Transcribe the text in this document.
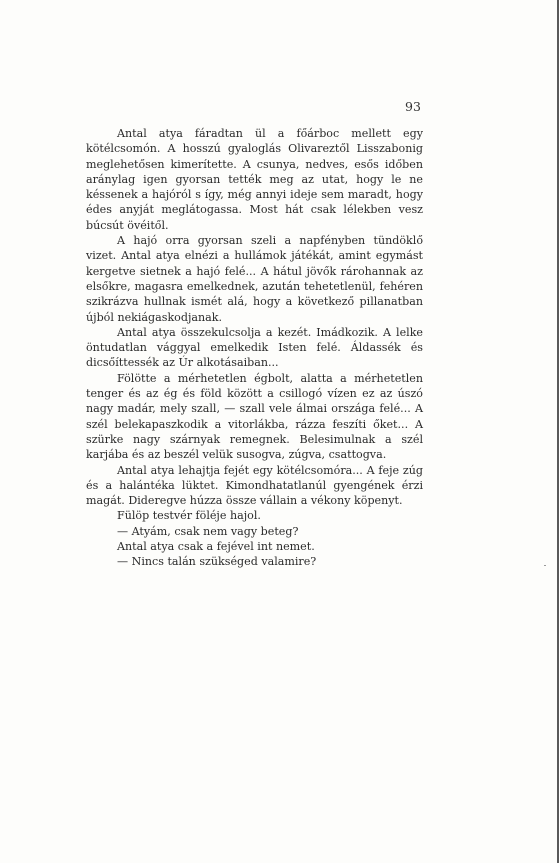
93

Antal atya fáradtan ül a főárboc mellett egy kötélcsomón. A hosszú gyaloglás Olivareztől Lisszabonig meglehetősen kimerítette. A csunya, nedves, esős időben aránylag igen gyorsan tették meg az utat, hogy le ne késsenek a hajóról s így, még annyi ideje sem maradt, hogy édes anyját meglátogassa. Most hát csak lélekben vesz búcsút övéitől.

A hajó orra gyorsan szeli a napfényben tündöklő vizet. Antal atya elnézi a hullámok játékát, amint egymást kergetve sietnek a hajó felé... A hátul jövők rárohannak az elsőkre, magasra emelkednek, azután tehetetlenül, fehéren szikrázva hullnak ismét alá, hogy a következő pillanatban újból nekiágaskodjanak.

Antal atya összekulcsolja a kezét. Imádkozik. A lelke öntudatlan vággyal emelkedik Isten felé. Áldassék és dicsőíttessék az Úr alkotásaiban...

Fölötte a mérhetetlen égbolt, alatta a mérhetetlen tenger és az ég és föld között a csillogó vízen ez az úszó nagy madár, mely szall, — szall vele álmai országa felé... A szél belekapaszkodik a vitorlákba, rázza feszíti őket... A szürke nagy szárnyak remegnek. Belesimulnak a szél karjába és az beszél velük susogva, zúgva, csattogva.

Antal atya lehajtja fejét egy kötélcsomóra... A feje zúg és a halántéka lüktet. Kimondhatatlanúl gyengének érzi magát. Dideregve húzza össze vállain a vékony köpenyt.

Fülöp testvér föléje hajol.

— Atyám, csak nem vagy beteg?

Antal atya csak a fejével int nemet.

— Nincs talán szükséged valamire?
